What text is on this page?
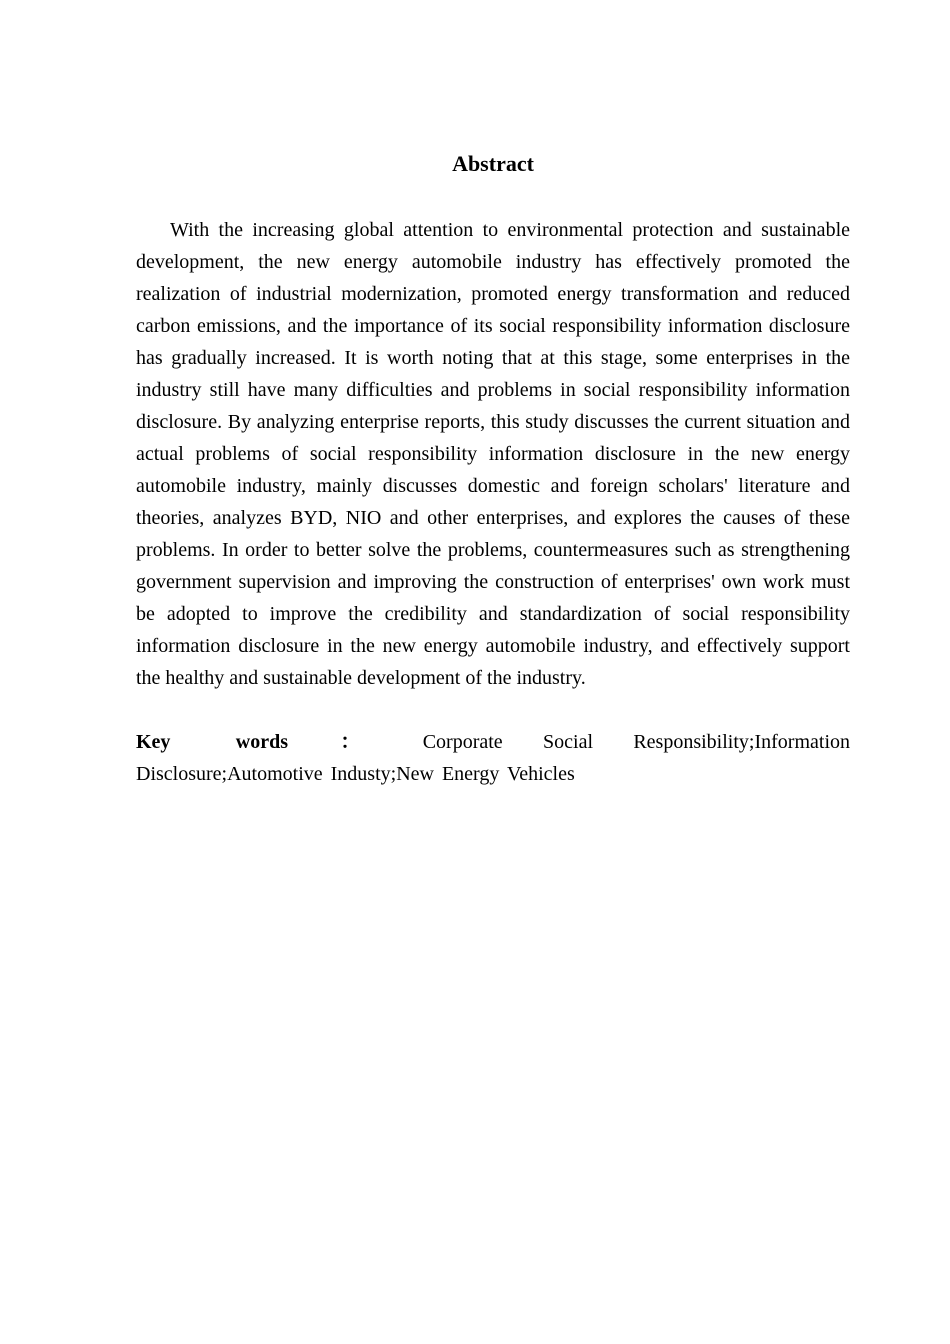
Abstract

With the increasing global attention to environmental protection and sustainable development, the new energy automobile industry has effectively promoted the realization of industrial modernization, promoted energy transformation and reduced carbon emissions, and the importance of its social responsibility information disclosure has gradually increased. It is worth noting that at this stage, some enterprises in the industry still have many difficulties and problems in social responsibility information disclosure. By analyzing enterprise reports, this study discusses the current situation and actual problems of social responsibility information disclosure in the new energy automobile industry, mainly discusses domestic and foreign scholars' literature and theories, analyzes BYD, NIO and other enterprises, and explores the causes of these problems. In order to better solve the problems, countermeasures such as strengthening government supervision and improving the construction of enterprises' own work must be adopted to improve the credibility and standardization of social responsibility information disclosure in the new energy automobile industry, and effectively support the healthy and sustainable development of the industry.

Key words ： Corporate Social Responsibility;Information Disclosure;Automotive Industy;New Energy Vehicles
